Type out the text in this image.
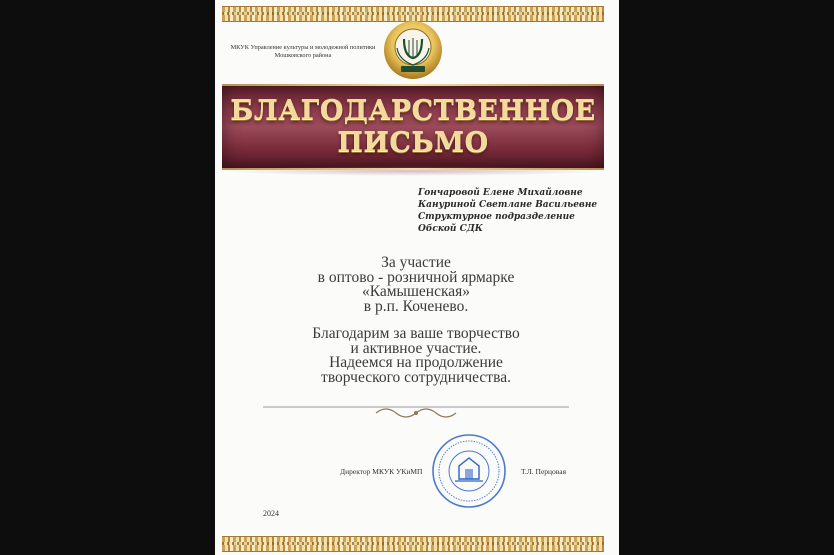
МКУК Управление культуры и молодежной политики
Мошковского района
БЛАГОДАРСТВЕННОЕ
ПИСЬМО
Гончаровой Елене Михайловне
Кануриной Светлане Васильевне
Структурное подразделение
Обской СДК
За участие
в оптово - розничной ярмарке
«Камышенская»
в р.п. Коченево.
Благодарим за ваше творчество
и активное участие.
Надеемся на продолжение
творческого сотрудничества.
Директор МКУК УКиМП	Т.Л. Перцовая
2024
